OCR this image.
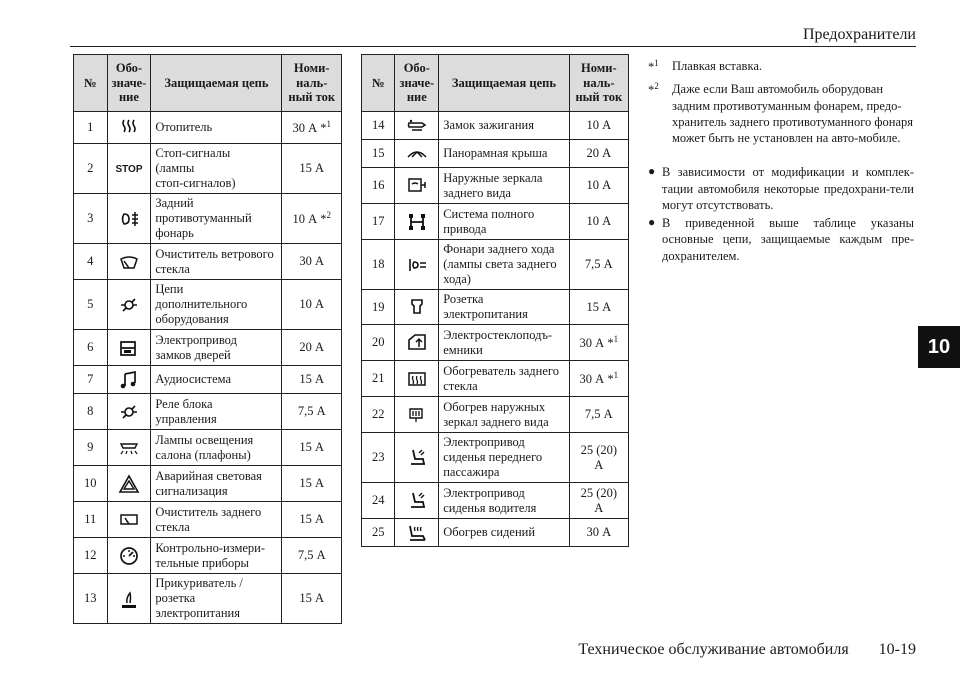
Предохранители
10
№	Обо-
значе-
ние	Защищаемая цепь	Номи-
наль-
ный ток
1		Отопитель	30 А *$^1$
2	STOP	Стоп-сигналы
(лампы
стоп-сигналов)	15 А
3		Задний
противотуманный
фонарь	10 А *$^2$
4		Очиститель ветрового
стекла	30 А
5		Цепи
дополнительного
оборудования	10 А
6		Электропривод
замков дверей	20 А
7		Аудиосистема	15 А
8		Реле блока
управления	7,5 А
9		Лампы освещения
салона (плафоны)	15 А
10		Аварийная световая
сигнализация	15 А
11		Очиститель заднего
стекла	15 А
12		Контрольно-измери-
тельные приборы	7,5 А
13		Прикуриватель /
розетка
электропитания	15 А
№	Обо-
значе-
ние	Защищаемая цепь	Номи-
наль-
ный ток
14		Замок зажигания	10 А
15		Панорамная крыша	20 А
16		Наружные зеркала
заднего вида	10 А
17		Система полного
привода	10 А
18		Фонари заднего хода
(лампы света заднего
хода)	7,5 А
19		Розетка
электропитания	15 А
20		Электростеклоподъ-
емники	30 А *$^1$
21		Обогреватель заднего
стекла	30 А *$^1$
22		Обогрев наружных
зеркал заднего вида	7,5 А
23		Электропривод
сиденья переднего
пассажира	25 (20)
А
24		Электропривод
сиденья водителя	25 (20)
А
25		Обогрев сидений	30 А
*$^1$	Плавкая вставка.
*$^2$	Даже если Ваш автомобиль оборудован задним противотуманным фонарем, предо-хранитель заднего противотуманного фонаря может быть не установлен на авто-мобиле.
● В зависимости от модификации и комплек-тации автомобиля некоторые предохрани-тели могут отсутствовать.
● В приведенной выше таблице указаны основные цепи, защищаемые каждым пре-дохранителем.
Техническое обслуживание автомобиля 10-19
